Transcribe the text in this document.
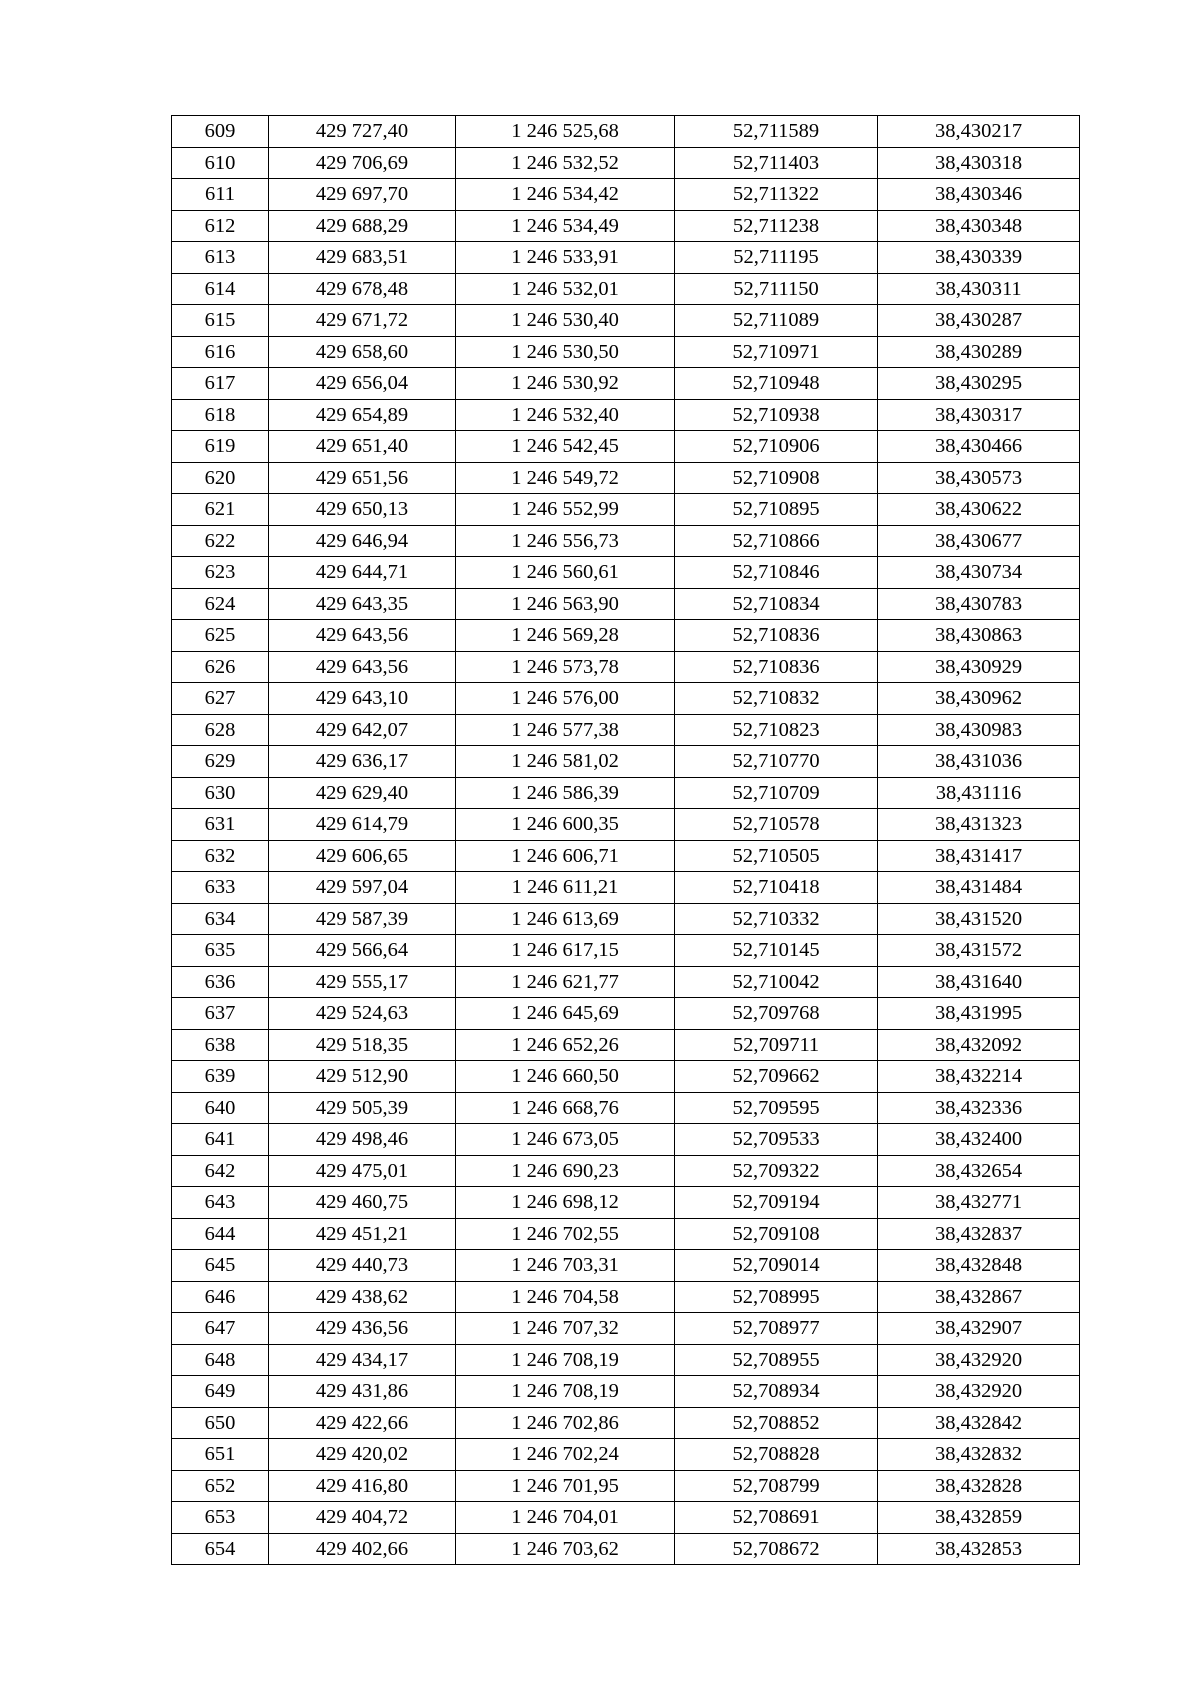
609	429 727,40	1 246 525,68	52,711589	38,430217
610	429 706,69	1 246 532,52	52,711403	38,430318
611	429 697,70	1 246 534,42	52,711322	38,430346
612	429 688,29	1 246 534,49	52,711238	38,430348
613	429 683,51	1 246 533,91	52,711195	38,430339
614	429 678,48	1 246 532,01	52,711150	38,430311
615	429 671,72	1 246 530,40	52,711089	38,430287
616	429 658,60	1 246 530,50	52,710971	38,430289
617	429 656,04	1 246 530,92	52,710948	38,430295
618	429 654,89	1 246 532,40	52,710938	38,430317
619	429 651,40	1 246 542,45	52,710906	38,430466
620	429 651,56	1 246 549,72	52,710908	38,430573
621	429 650,13	1 246 552,99	52,710895	38,430622
622	429 646,94	1 246 556,73	52,710866	38,430677
623	429 644,71	1 246 560,61	52,710846	38,430734
624	429 643,35	1 246 563,90	52,710834	38,430783
625	429 643,56	1 246 569,28	52,710836	38,430863
626	429 643,56	1 246 573,78	52,710836	38,430929
627	429 643,10	1 246 576,00	52,710832	38,430962
628	429 642,07	1 246 577,38	52,710823	38,430983
629	429 636,17	1 246 581,02	52,710770	38,431036
630	429 629,40	1 246 586,39	52,710709	38,431116
631	429 614,79	1 246 600,35	52,710578	38,431323
632	429 606,65	1 246 606,71	52,710505	38,431417
633	429 597,04	1 246 611,21	52,710418	38,431484
634	429 587,39	1 246 613,69	52,710332	38,431520
635	429 566,64	1 246 617,15	52,710145	38,431572
636	429 555,17	1 246 621,77	52,710042	38,431640
637	429 524,63	1 246 645,69	52,709768	38,431995
638	429 518,35	1 246 652,26	52,709711	38,432092
639	429 512,90	1 246 660,50	52,709662	38,432214
640	429 505,39	1 246 668,76	52,709595	38,432336
641	429 498,46	1 246 673,05	52,709533	38,432400
642	429 475,01	1 246 690,23	52,709322	38,432654
643	429 460,75	1 246 698,12	52,709194	38,432771
644	429 451,21	1 246 702,55	52,709108	38,432837
645	429 440,73	1 246 703,31	52,709014	38,432848
646	429 438,62	1 246 704,58	52,708995	38,432867
647	429 436,56	1 246 707,32	52,708977	38,432907
648	429 434,17	1 246 708,19	52,708955	38,432920
649	429 431,86	1 246 708,19	52,708934	38,432920
650	429 422,66	1 246 702,86	52,708852	38,432842
651	429 420,02	1 246 702,24	52,708828	38,432832
652	429 416,80	1 246 701,95	52,708799	38,432828
653	429 404,72	1 246 704,01	52,708691	38,432859
654	429 402,66	1 246 703,62	52,708672	38,432853
